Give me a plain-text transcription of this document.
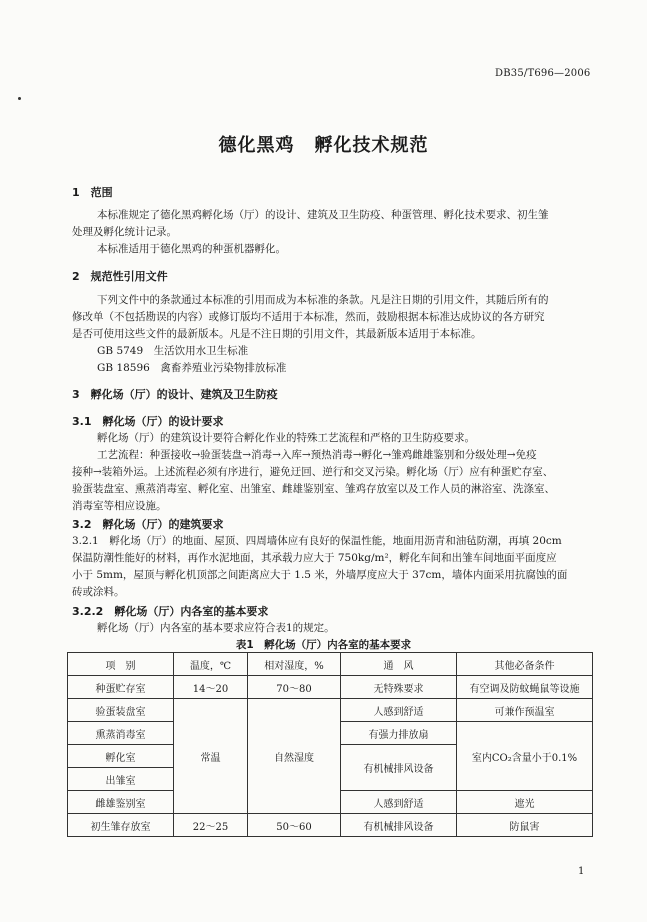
DB35/T696—2006
德化黑鸡 孵化技术规范
1　范围
本标准规定了德化黑鸡孵化场（厅）的设计、建筑及卫生防疫、种蛋管理、孵化技术要求、初生雏
处理及孵化统计记录。
本标准适用于德化黑鸡的种蛋机器孵化。
2　规范性引用文件
下列文件中的条款通过本标准的引用而成为本标准的条款。凡是注日期的引用文件，其随后所有的
修改单（不包括勘误的内容）或修订版均不适用于本标准，然而，鼓励根据本标准达成协议的各方研究
是否可使用这些文件的最新版本。凡是不注日期的引用文件，其最新版本适用于本标准。
GB 5749　生活饮用水卫生标准
GB 18596　禽畜养殖业污染物排放标准
3　孵化场（厅）的设计、建筑及卫生防疫
3.1　孵化场（厅）的设计要求
孵化场（厅）的建筑设计要符合孵化作业的特殊工艺流程和严格的卫生防疫要求。
工艺流程：种蛋接收→验蛋装盘→消毒→入库→预热消毒→孵化→雏鸡雌雄鉴别和分级处理→免疫
接种→装箱外运。上述流程必须有序进行，避免迂回、逆行和交叉污染。孵化场（厅）应有种蛋贮存室、
验蛋装盘室、熏蒸消毒室、孵化室、出雏室、雌雄鉴别室、雏鸡存放室以及工作人员的淋浴室、洗涤室、
消毒室等相应设施。
3.2　孵化场（厅）的建筑要求
3.2.1　孵化场（厅）的地面、屋顶、四周墙体应有良好的保温性能，地面用沥青和油毡防潮，再填 20cm
保温防潮性能好的材料，再作水泥地面，其承载力应大于 750kg/m²，孵化车间和出雏车间地面平面度应
小于 5mm，屋顶与孵化机顶部之间距离应大于 1.5 米，外墙厚度应大于 37cm，墙体内面采用抗腐蚀的面
砖或涂料。
3.2.2　孵化场（厅）内各室的基本要求
孵化场（厅）内各室的基本要求应符合表1的规定。
表1　孵化场（厅）内各室的基本要求
项　别	温度，℃	相对湿度，%	通　风	其他必备条件
种蛋贮存室	14～20	70～80	无特殊要求	有空调及防蚊蝇鼠等设施
验蛋装盘室	常温	自然湿度	人感到舒适	可兼作预温室
熏蒸消毒室			有强力排放扇	室内CO₂含量小于0.1%
孵化室			有机械排风设备	
出雏室				
雌雄鉴别室			人感到舒适	遮光
初生雏存放室	22～25	50～60	有机械排风设备	防鼠害
1
